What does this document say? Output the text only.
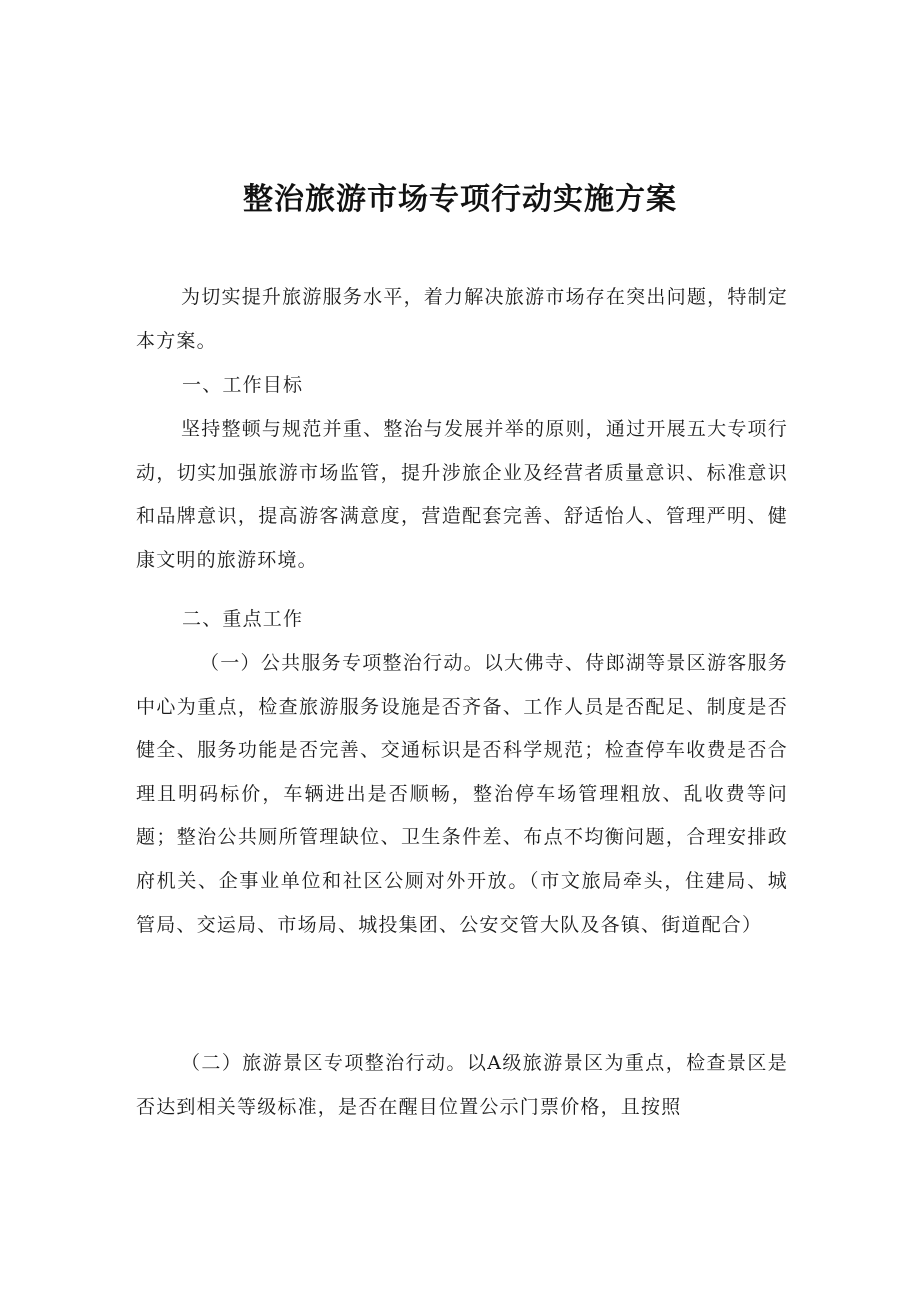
整治旅游市场专项行动实施方案

为切实提升旅游服务水平，着力解决旅游市场存在突出问题，特制定本方案。

一、工作目标

坚持整顿与规范并重、整治与发展并举的原则，通过开展五大专项行动，切实加强旅游市场监管，提升涉旅企业及经营者质量意识、标准意识和品牌意识，提高游客满意度，营造配套完善、舒适怡人、管理严明、健康文明的旅游环境。

二、重点工作

（一）公共服务专项整治行动。以大佛寺、侍郎湖等景区游客服务中心为重点，检查旅游服务设施是否齐备、工作人员是否配足、制度是否健全、服务功能是否完善、交通标识是否科学规范；检查停车收费是否合理且明码标价，车辆进出是否顺畅，整治停车场管理粗放、乱收费等问题；整治公共厕所管理缺位、卫生条件差、布点不均衡问题，合理安排政府机关、企事业单位和社区公厕对外开放。（市文旅局牵头，住建局、城管局、交运局、市场局、城投集团、公安交管大队及各镇、街道配合）

（二）旅游景区专项整治行动。以A级旅游景区为重点，检查景区是否达到相关等级标准，是否在醒目位置公示门票价格，且按照
